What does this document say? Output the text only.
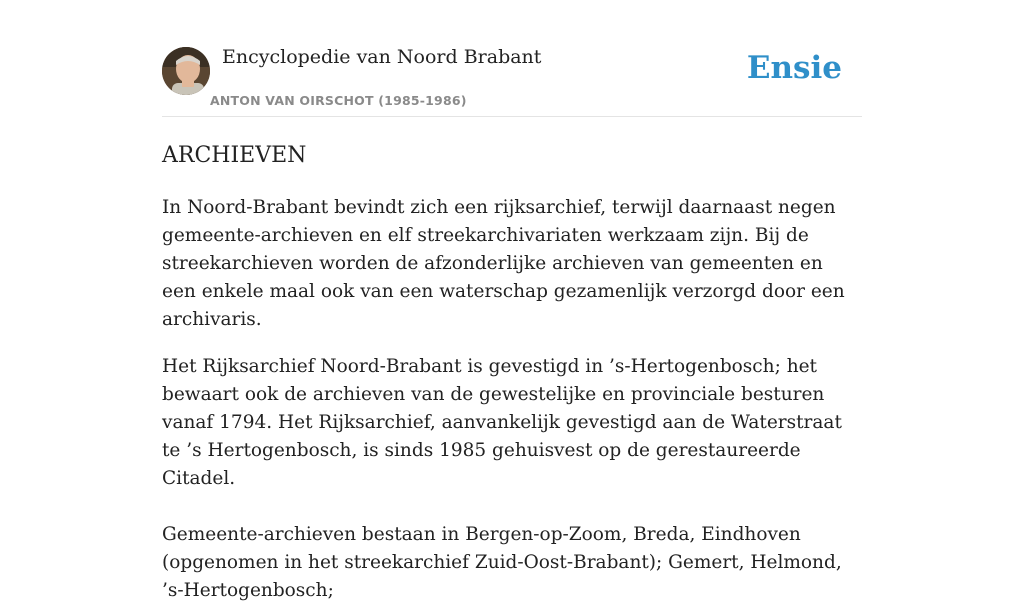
Encyclopedie van Noord Brabant
ANTON VAN OIRSCHOT (1985-1986)
Ensie
ARCHIEVEN

In Noord-Brabant bevindt zich een rijksarchief, terwijl daarnaast negen gemeente-archieven en elf streekarchivariaten werkzaam zijn. Bij de streekarchieven worden de afzonderlijke archieven van gemeenten en een enkele maal ook van een waterschap gezamenlijk verzorgd door een archivaris.

Het Rijksarchief Noord-Brabant is gevestigd in ’s-Hertogenbosch; het bewaart ook de archieven van de gewestelijke en provinciale besturen vanaf 1794. Het Rijksarchief, aanvankelijk gevestigd aan de Waterstraat te ’s Hertogenbosch, is sinds 1985 gehuisvest op de gerestaureerde Citadel.

Gemeente-archieven bestaan in Bergen-op-Zoom, Breda, Eindhoven (opgenomen in het streekarchief Zuid-Oost-Brabant); Gemert, Helmond, ’s-Hertogenbosch;
